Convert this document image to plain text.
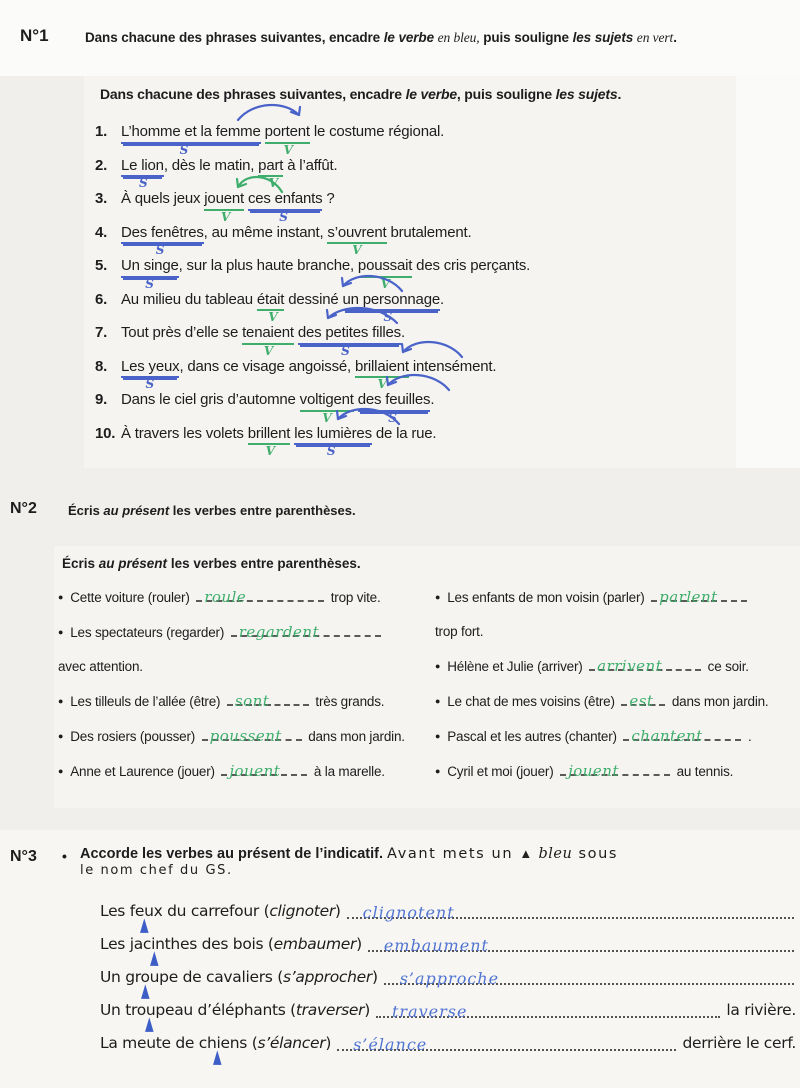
N°1	Dans chacune des phrases suivantes, encadre le verbe en bleu, puis souligne les sujets en vert.
Dans chacune des phrases suivantes, encadre le verbe, puis souligne les sujets.
1. L’homme et la femme
S
portent
V
le costume régional.
2. Le lion
S
, dès le matin, part
V
à l’affût.
3. À quels jeux jouent
V
ces enfants
S
?
4. Des fenêtres
S
, au même instant, s’ouvrent
V
brutalement.
5. Un singe
S
, sur la plus haute branche, poussait
V
des cris perçants.
6. Au milieu du tableau était
V
dessiné un personnage
S
.
7. Tout près d’elle se tenaient
V
des petites filles
S
.
8. Les yeux
S
, dans ce visage angoissé, brillaient
V
intensément.
9. Dans le ciel gris d’automne voltigent
V
des feuilles
S
.
10. À travers les volets brillent
V
les lumières
S
de la rue.
N°2 Écris au présent les verbes entre parenthèses.
Écris au présent les verbes entre parenthèses.
● Cette voiture (rouler) roule	trop vite.
● Les spectateurs (regarder) regardent
avec attention.
● Les tilleuls de l’allée (être) sont	très grands.
● Des rosiers (pousser) poussent dans mon jardin.
● Anne et Laurence (jouer) jouent à la marelle.
● Les enfants de mon voisin (parler) parlent
trop fort.
● Hélène et Julie (arriver) arrivent	ce soir.
● Le chat de mes voisins (être) est dans mon jardin.
● Pascal et les autres (chanter) chantent	.
● Cyril et moi (jouer) jouent	au tennis.
N°3 • Accorde les verbes au présent de l’indicatif. Avant mets un ▲ bleu sous
le nom chef du GS.
Les feux
▲
du carrefour (clignoter) clignotent
Les jacinthes
▲
des bois (embaumer) embaument
Un groupe
▲
de cavaliers (s’approcher) s’approche
Un troupeau
▲
d’éléphants (traverser) traverse	la rivière.
La meute de chiens
▲
(s’élancer) s’élance	derrière le cerf.
